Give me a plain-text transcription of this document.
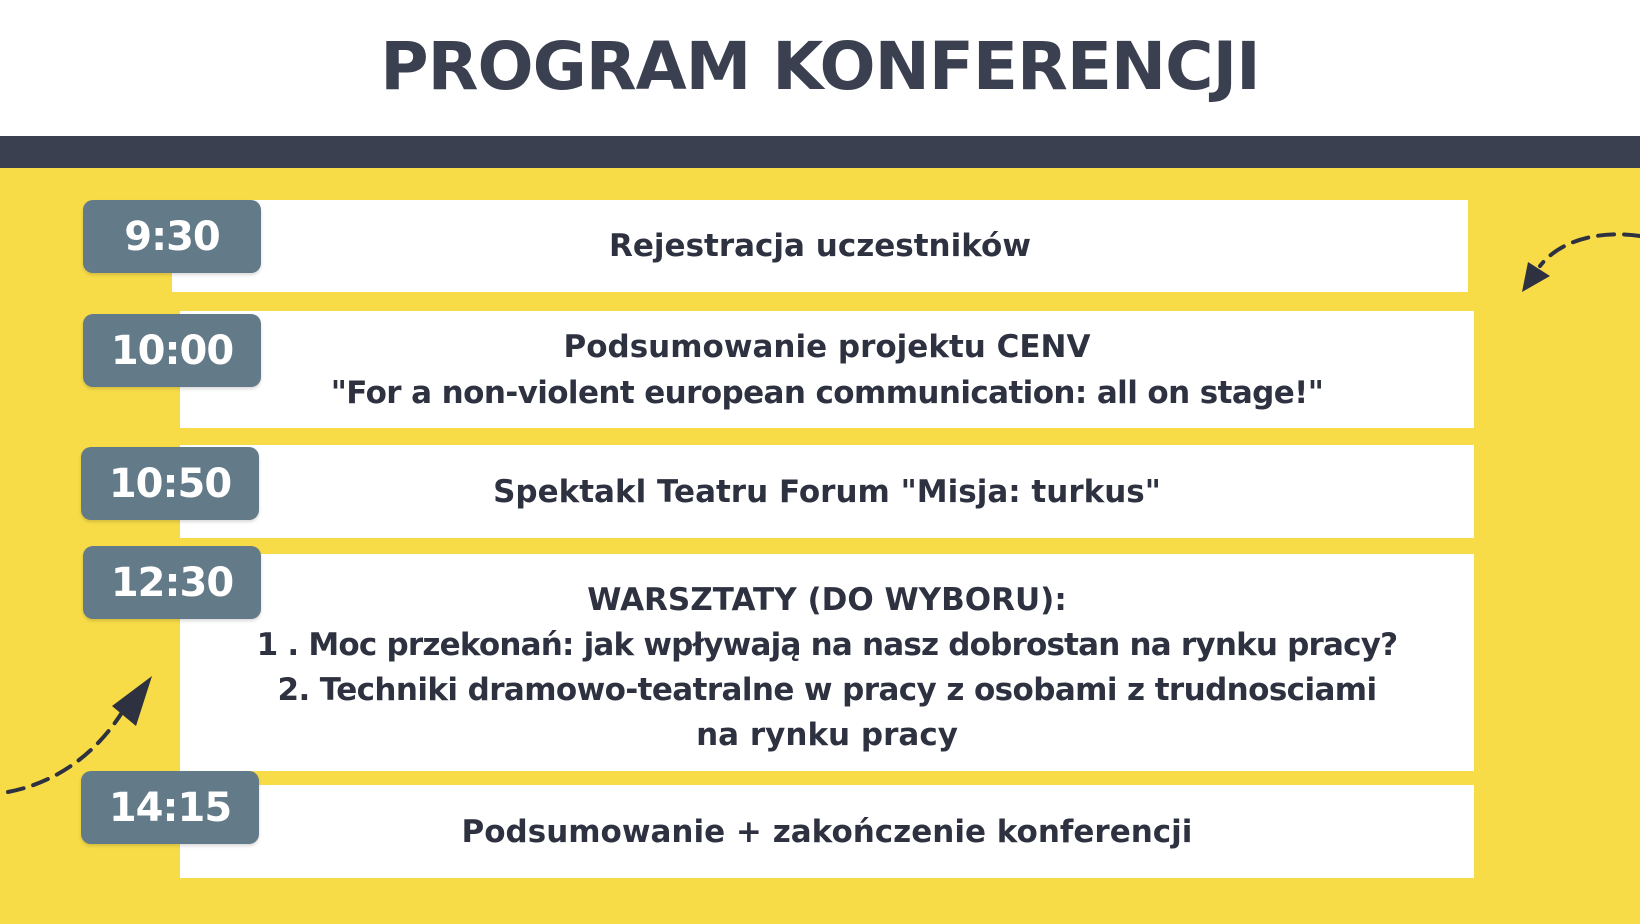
PROGRAM KONFERENCJI
Rejestracja uczestników
9:30
Podsumowanie projektu CENV
"For a non-violent european communication: all on stage!"
10:00
Spektakl Teatru Forum "Misja: turkus"
10:50
WARSZTATY (DO WYBORU):
1 . Moc przekonań: jak wpływają na nasz dobrostan na rynku pracy?
2. Techniki dramowo-teatralne w pracy z osobami z trudnosciami
na rynku pracy
12:30
Podsumowanie + zakończenie konferencji
14:15
